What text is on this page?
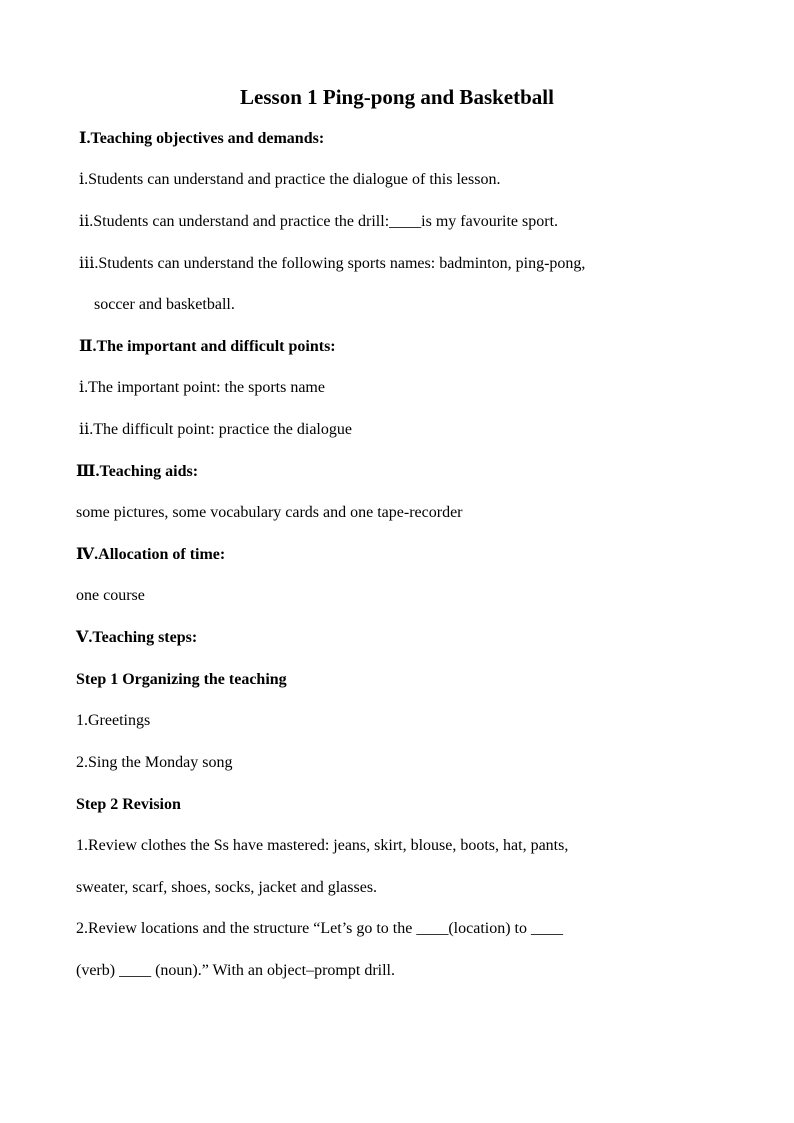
Lesson 1 Ping-pong and Basketball
Ⅰ.Teaching objectives and demands:
ⅰ.Students can understand and practice the dialogue of this lesson.
ⅱ.Students can understand and practice the drill:____is my favourite sport.
ⅲ.Students can understand the following sports names: badminton, ping-pong,
soccer and basketball.
Ⅱ.The important and difficult points:
ⅰ.The important point: the sports name
ⅱ.The difficult point: practice the dialogue
Ⅲ.Teaching aids:
some pictures, some vocabulary cards and one tape-recorder
Ⅳ.Allocation of time:
one course
Ⅴ.Teaching steps:
Step 1 Organizing the teaching
1.Greetings
2.Sing the Monday song
Step 2 Revision
1.Review clothes the Ss have mastered: jeans, skirt, blouse, boots, hat, pants,
sweater, scarf, shoes, socks, jacket and glasses.
2.Review locations and the structure “Let’s go to the ____(location) to ____
(verb) ____ (noun).” With an object–prompt drill.
